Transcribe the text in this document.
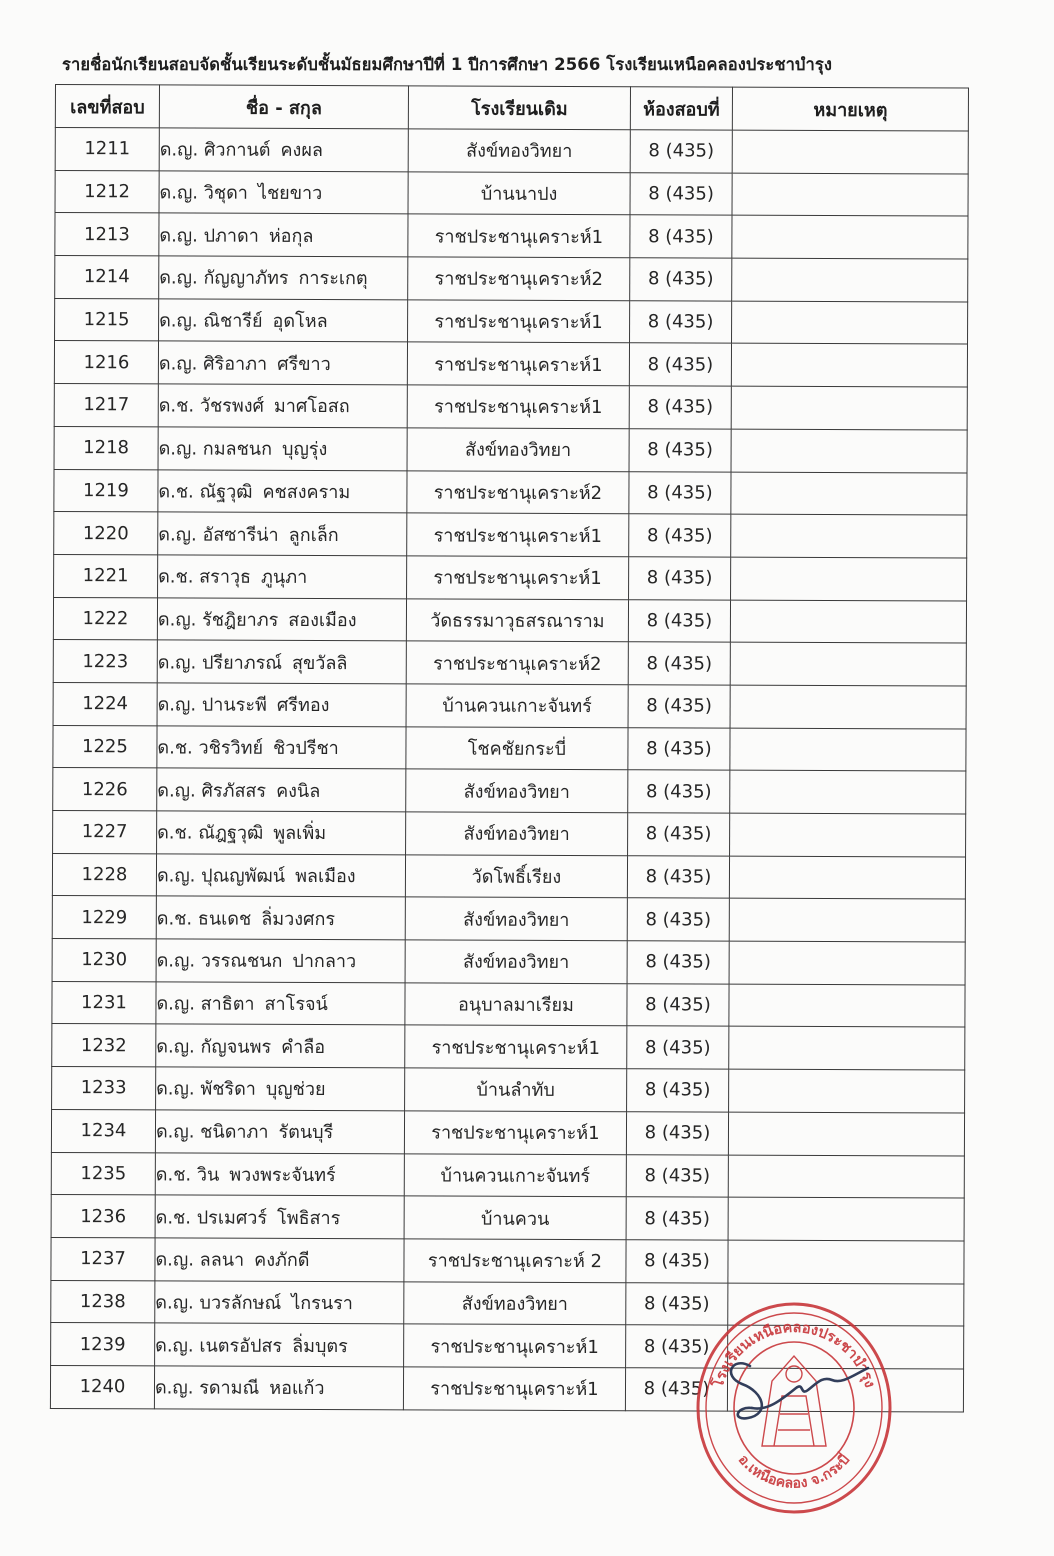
รายชื่อนักเรียนสอบจัดชั้นเรียนระดับชั้นมัธยมศึกษาปีที่ 1 ปีการศึกษา 2566 โรงเรียนเหนือคลองประชาบำรุง
เลขที่สอบ	ชื่อ - สกุล	โรงเรียนเดิม	ห้องสอบที่	หมายเหตุ
1211	ด.ญ. ศิวกานต์ คงผล	สังข์ทองวิทยา	8 (435)	
1212	ด.ญ. วิชุดา ไชยขาว	บ้านนาปง	8 (435)	
1213	ด.ญ. ปภาดา ห่อกุล	ราชประชานุเคราะห์1	8 (435)	
1214	ด.ญ. กัญญาภัทร การะเกตุ	ราชประชานุเคราะห์2	8 (435)	
1215	ด.ญ. ณิชารีย์ อุดโหล	ราชประชานุเคราะห์1	8 (435)	
1216	ด.ญ. ศิริอาภา ศรีขาว	ราชประชานุเคราะห์1	8 (435)	
1217	ด.ช. วัชรพงศ์ มาศโอสถ	ราชประชานุเคราะห์1	8 (435)	
1218	ด.ญ. กมลชนก บุญรุ่ง	สังข์ทองวิทยา	8 (435)	
1219	ด.ช. ณัฐวุฒิ คชสงคราม	ราชประชานุเคราะห์2	8 (435)	
1220	ด.ญ. อัสซารีน่า ลูกเล็ก	ราชประชานุเคราะห์1	8 (435)	
1221	ด.ช. สราวุธ ภูนุภา	ราชประชานุเคราะห์1	8 (435)	
1222	ด.ญ. รัชฎิยาภร สองเมือง	วัดธรรมาวุธสรณาราม	8 (435)	
1223	ด.ญ. ปรียาภรณ์ สุขวัลลิ	ราชประชานุเคราะห์2	8 (435)	
1224	ด.ญ. ปานระพี ศรีทอง	บ้านควนเกาะจันทร์	8 (435)	
1225	ด.ช. วชิรวิทย์ ชิวปรีชา	โชคชัยกระบี่	8 (435)	
1226	ด.ญ. ศิรภัสสร คงนิล	สังข์ทองวิทยา	8 (435)	
1227	ด.ช. ณัฎฐวุฒิ พูลเพิ่ม	สังข์ทองวิทยา	8 (435)	
1228	ด.ญ. ปุณญพัฒน์ พลเมือง	วัดโพธิ์เรียง	8 (435)	
1229	ด.ช. ธนเดช ลิ่มวงศกร	สังข์ทองวิทยา	8 (435)	
1230	ด.ญ. วรรณชนก ปากลาว	สังข์ทองวิทยา	8 (435)	
1231	ด.ญ. สาธิตา สาโรจน์	อนุบาลมาเรียม	8 (435)	
1232	ด.ญ. กัญจนพร คำลือ	ราชประชานุเคราะห์1	8 (435)	
1233	ด.ญ. พัชริดา บุญช่วย	บ้านลำทับ	8 (435)	
1234	ด.ญ. ชนิดาภา รัตนบุรี	ราชประชานุเคราะห์1	8 (435)	
1235	ด.ช. วิน พวงพระจันทร์	บ้านควนเกาะจันทร์	8 (435)	
1236	ด.ช. ปรเมศวร์ โพธิสาร	บ้านควน	8 (435)	
1237	ด.ญ. ลลนา คงภักดี	ราชประชานุเคราะห์ 2	8 (435)	
1238	ด.ญ. บวรลักษณ์ ไกรนรา	สังข์ทองวิทยา	8 (435)	
1239	ด.ญ. เนตรอัปสร ลิ่มบุตร	ราชประชานุเคราะห์1	8 (435)	
1240	ด.ญ. รดามณี หอแก้ว	ราชประชานุเคราะห์1	8 (435)	โรงเรียนเหนือคลองประชาบำรุง
อ.เหนือคลอง จ.กระบี่
